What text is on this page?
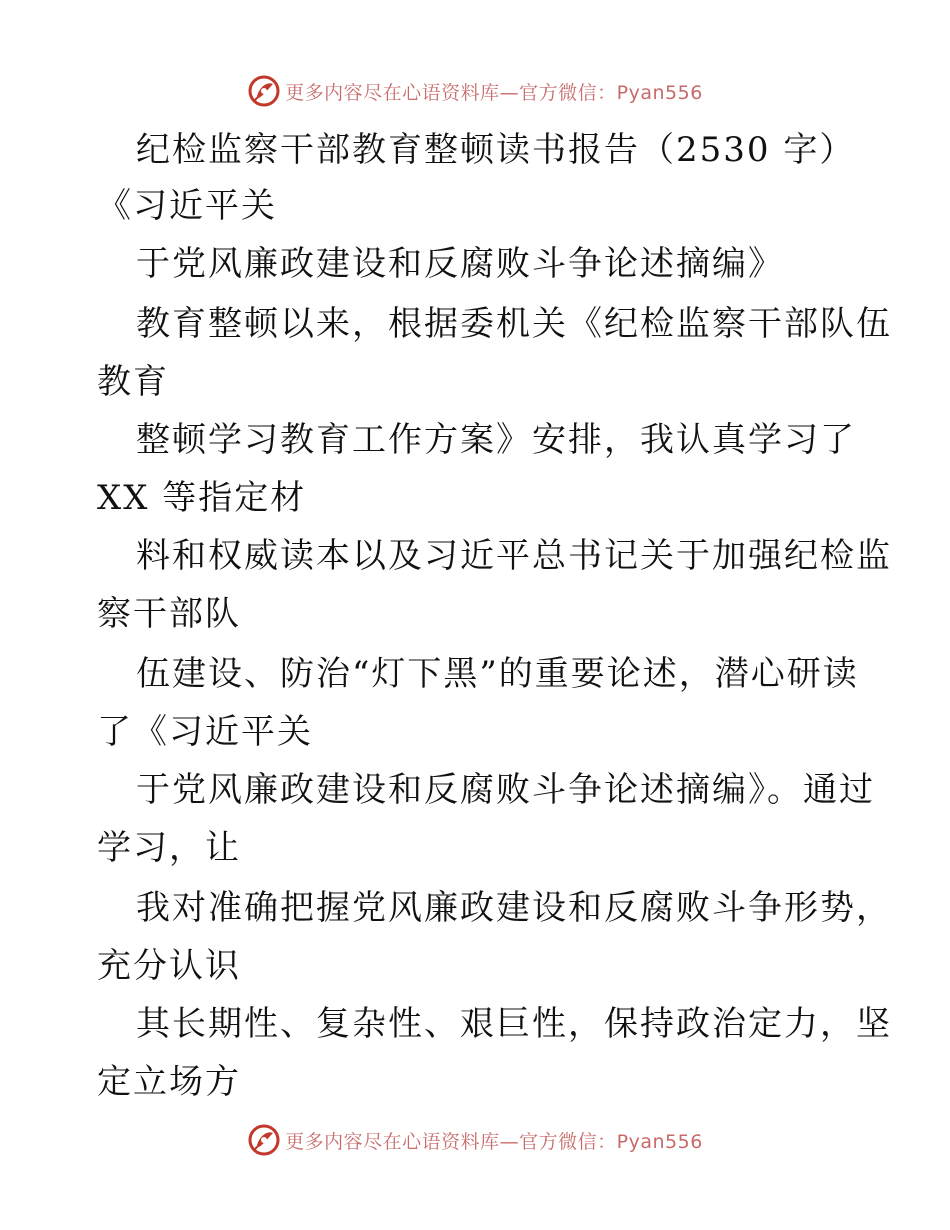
更多内容尽在心语资料库—官方微信：Pyan556
纪检监察干部教育整顿读书报告（2530 字）
《习近平关
于党风廉政建设和反腐败斗争论述摘编》
教育整顿以来，根据委机关《纪检监察干部队伍
教育
整顿学习教育工作方案》安排，我认真学习了
XX 等指定材
料和权威读本以及习近平总书记关于加强纪检监
察干部队
伍建设、防治“灯下黑”的重要论述，潜心研读
了《习近平关
于党风廉政建设和反腐败斗争论述摘编》。通过
学习，让
我对准确把握党风廉政建设和反腐败斗争形势，
充分认识
其长期性、复杂性、艰巨性，保持政治定力，坚
定立场方
更多内容尽在心语资料库—官方微信：Pyan556
